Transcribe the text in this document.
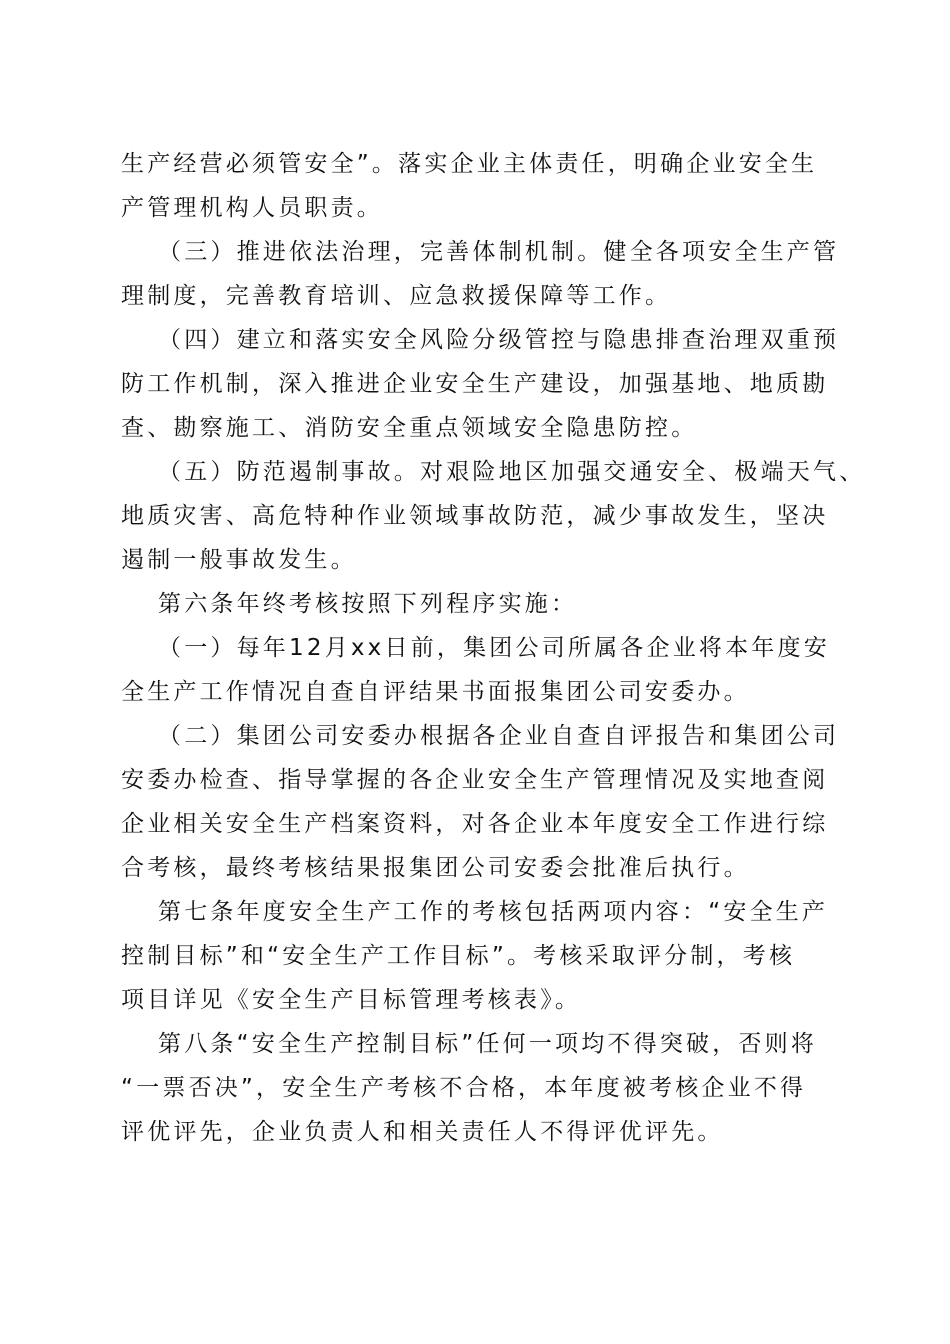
生产经营必须管安全”。落实企业主体责任，明确企业安全生
产管理机构人员职责。
（三）推进依法治理，完善体制机制。健全各项安全生产管
理制度，完善教育培训、应急救援保障等工作。
（四）建立和落实安全风险分级管控与隐患排查治理双重预
防工作机制，深入推进企业安全生产建设，加强基地、地质勘
查、勘察施工、消防安全重点领域安全隐患防控。
（五）防范遏制事故。对艰险地区加强交通安全、极端天气、
地质灾害、高危特种作业领域事故防范，减少事故发生，坚决
遏制一般事故发生。
第六条年终考核按照下列程序实施：
（一）每年12月xx日前，集团公司所属各企业将本年度安
全生产工作情况自查自评结果书面报集团公司安委办。
（二）集团公司安委办根据各企业自查自评报告和集团公司
安委办检查、指导掌握的各企业安全生产管理情况及实地查阅
企业相关安全生产档案资料，对各企业本年度安全工作进行综
合考核，最终考核结果报集团公司安委会批准后执行。
第七条年度安全生产工作的考核包括两项内容：“安全生产
控制目标”和“安全生产工作目标”。考核采取评分制，考核
项目详见《安全生产目标管理考核表》。
第八条“安全生产控制目标”任何一项均不得突破，否则将
“一票否决”，安全生产考核不合格，本年度被考核企业不得
评优评先，企业负责人和相关责任人不得评优评先。
